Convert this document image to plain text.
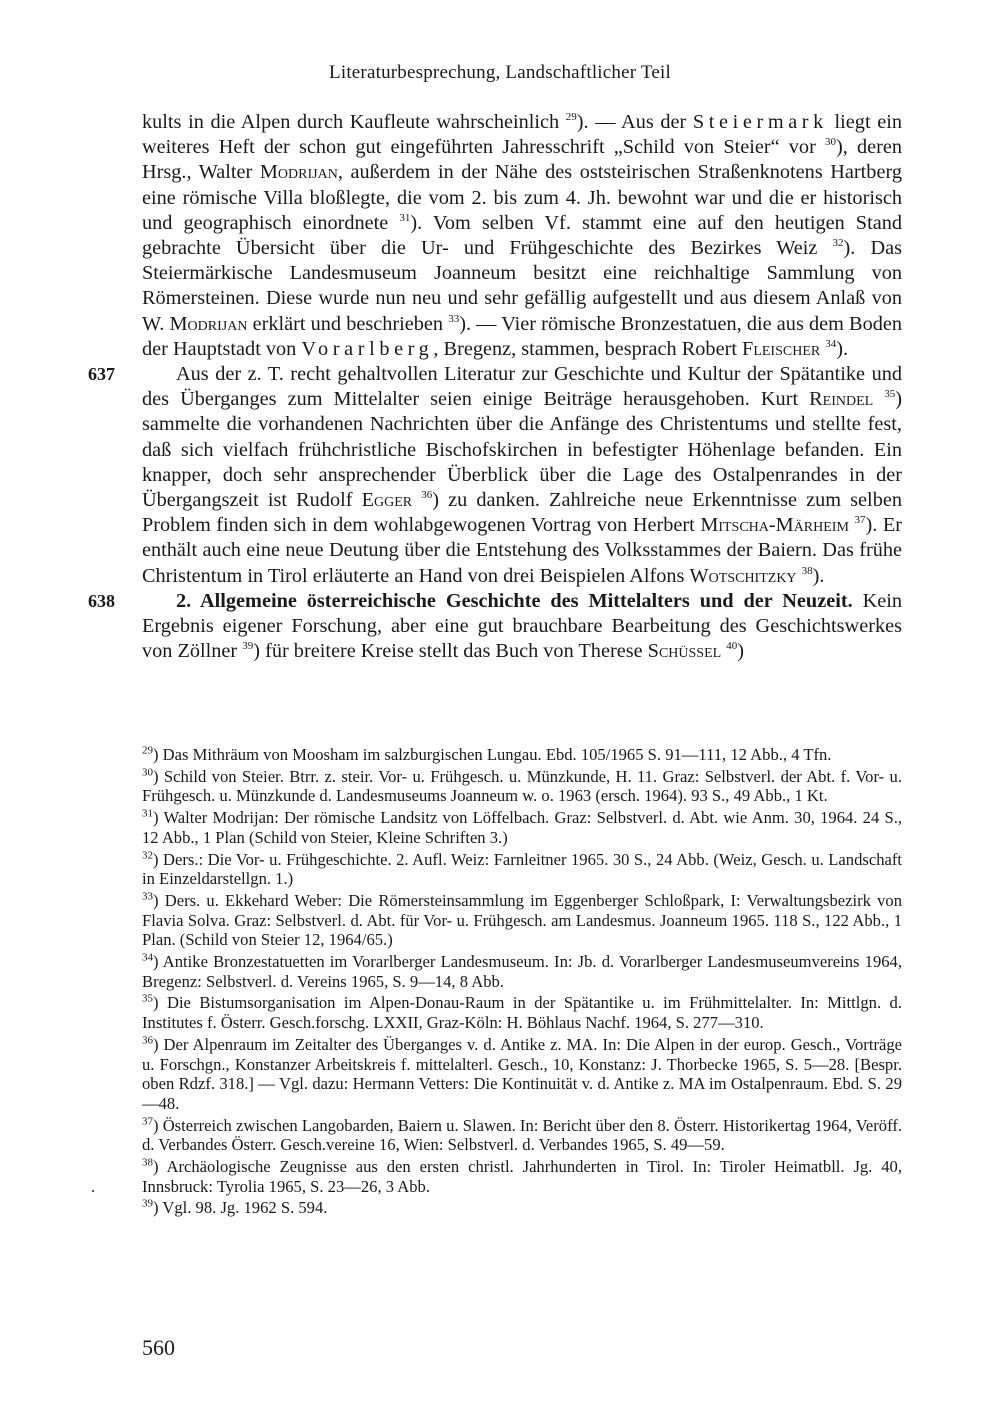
Literaturbesprechung, Landschaftlicher Teil

kults in die Alpen durch Kaufleute wahrscheinlich $^{29}$). — Aus der Steiermark liegt ein weiteres Heft der schon gut eingeführten Jahresschrift „Schild von Steier“ vor $^{30}$), deren Hrsg., Walter Modrijan, außerdem in der Nähe des oststeirischen Straßenknotens Hartberg eine römische Villa bloßlegte, die vom 2. bis zum 4. Jh. bewohnt war und die er historisch und geographisch einordnete $^{31}$). Vom selben Vf. stammt eine auf den heutigen Stand gebrachte Übersicht über die Ur- und Frühgeschichte des Bezirkes Weiz $^{32}$). Das Steiermärkische Landesmuseum Joanneum besitzt eine reichhaltige Sammlung von Römersteinen. Diese wurde nun neu und sehr gefällig aufgestellt und aus diesem Anlaß von W. Modrijan erklärt und beschrieben $^{33}$). — Vier römische Bronzestatuen, die aus dem Boden der Hauptstadt von Vorarlberg, Bregenz, stammen, besprach Robert Fleischer $^{34}$).

637	Aus der z. T. recht gehaltvollen Literatur zur Geschichte und Kultur der Spätantike und des Überganges zum Mittelalter seien einige Beiträge herausgehoben. Kurt Reindel $^{35}$) sammelte die vorhandenen Nachrichten über die Anfänge des Christentums und stellte fest, daß sich vielfach frühchristliche Bischofskirchen in befestigter Höhenlage befanden. Ein knapper, doch sehr ansprechender Überblick über die Lage des Ostalpenrandes in der Übergangszeit ist Rudolf Egger $^{36}$) zu danken. Zahlreiche neue Erkenntnisse zum selben Problem finden sich in dem wohlabgewogenen Vortrag von Herbert Mitscha-Märheim $^{37}$). Er enthält auch eine neue Deutung über die Entstehung des Volksstammes der Baiern. Das frühe Christentum in Tirol erläuterte an Hand von drei Beispielen Alfons Wotschitzky $^{38}$).

638	2. Allgemeine österreichische Geschichte des Mittelalters und der Neuzeit. Kein Ergebnis eigener Forschung, aber eine gut brauchbare Bearbeitung des Geschichtswerkes von Zöllner $^{39}$) für breitere Kreise stellt das Buch von Therese Schüssel $^{40}$)

$^{29}$) Das Mithräum von Moosham im salzburgischen Lungau. Ebd. 105/1965 S. 91—111, 12 Abb., 4 Tfn.

$^{30}$) Schild von Steier. Btrr. z. steir. Vor- u. Frühgesch. u. Münzkunde, H. 11. Graz: Selbstverl. der Abt. f. Vor- u. Frühgesch. u. Münzkunde d. Landesmuseums Joanneum w. o. 1963 (ersch. 1964). 93 S., 49 Abb., 1 Kt.

$^{31}$) Walter Modrijan: Der römische Landsitz von Löffelbach. Graz: Selbstverl. d. Abt. wie Anm. 30, 1964. 24 S., 12 Abb., 1 Plan (Schild von Steier, Kleine Schriften 3.)

$^{32}$) Ders.: Die Vor- u. Frühgeschichte. 2. Aufl. Weiz: Farnleitner 1965. 30 S., 24 Abb. (Weiz, Gesch. u. Landschaft in Einzeldarstellgn. 1.)

$^{33}$) Ders. u. Ekkehard Weber: Die Römersteinsammlung im Eggenberger Schloßpark, I: Verwaltungsbezirk von Flavia Solva. Graz: Selbstverl. d. Abt. für Vor- u. Frühgesch. am Landesmus. Joanneum 1965. 118 S., 122 Abb., 1 Plan. (Schild von Steier 12, 1964/65.)

$^{34}$) Antike Bronzestatuetten im Vorarlberger Landesmuseum. In: Jb. d. Vorarlberger Landesmuseumvereins 1964, Bregenz: Selbstverl. d. Vereins 1965, S. 9—14, 8 Abb.

$^{35}$) Die Bistumsorganisation im Alpen-Donau-Raum in der Spätantike u. im Frühmittelalter. In: Mittlgn. d. Institutes f. Österr. Gesch.forschg. LXXII, Graz-Köln: H. Böhlaus Nachf. 1964, S. 277—310.

$^{36}$) Der Alpenraum im Zeitalter des Überganges v. d. Antike z. MA. In: Die Alpen in der europ. Gesch., Vorträge u. Forschgn., Konstanzer Arbeitskreis f. mittelalterl. Gesch., 10, Konstanz: J. Thorbecke 1965, S. 5—28. [Bespr. oben Rdzf. 318.] — Vgl. dazu: Hermann Vetters: Die Kontinuität v. d. Antike z. MA im Ostalpenraum. Ebd. S. 29—48.

$^{37}$) Österreich zwischen Langobarden, Baiern u. Slawen. In: Bericht über den 8. Österr. Historikertag 1964, Veröff. d. Verbandes Österr. Gesch.vereine 16, Wien: Selbstverl. d. Verbandes 1965, S. 49—59.

$^{38}$) Archäologische Zeugnisse aus den ersten christl. Jahrhunderten in Tirol. In: Tiroler Heimatbll. Jg. 40, Innsbruck: Tyrolia 1965, S. 23—26, 3 Abb.

$^{39}$) Vgl. 98. Jg. 1962 S. 594.

560
